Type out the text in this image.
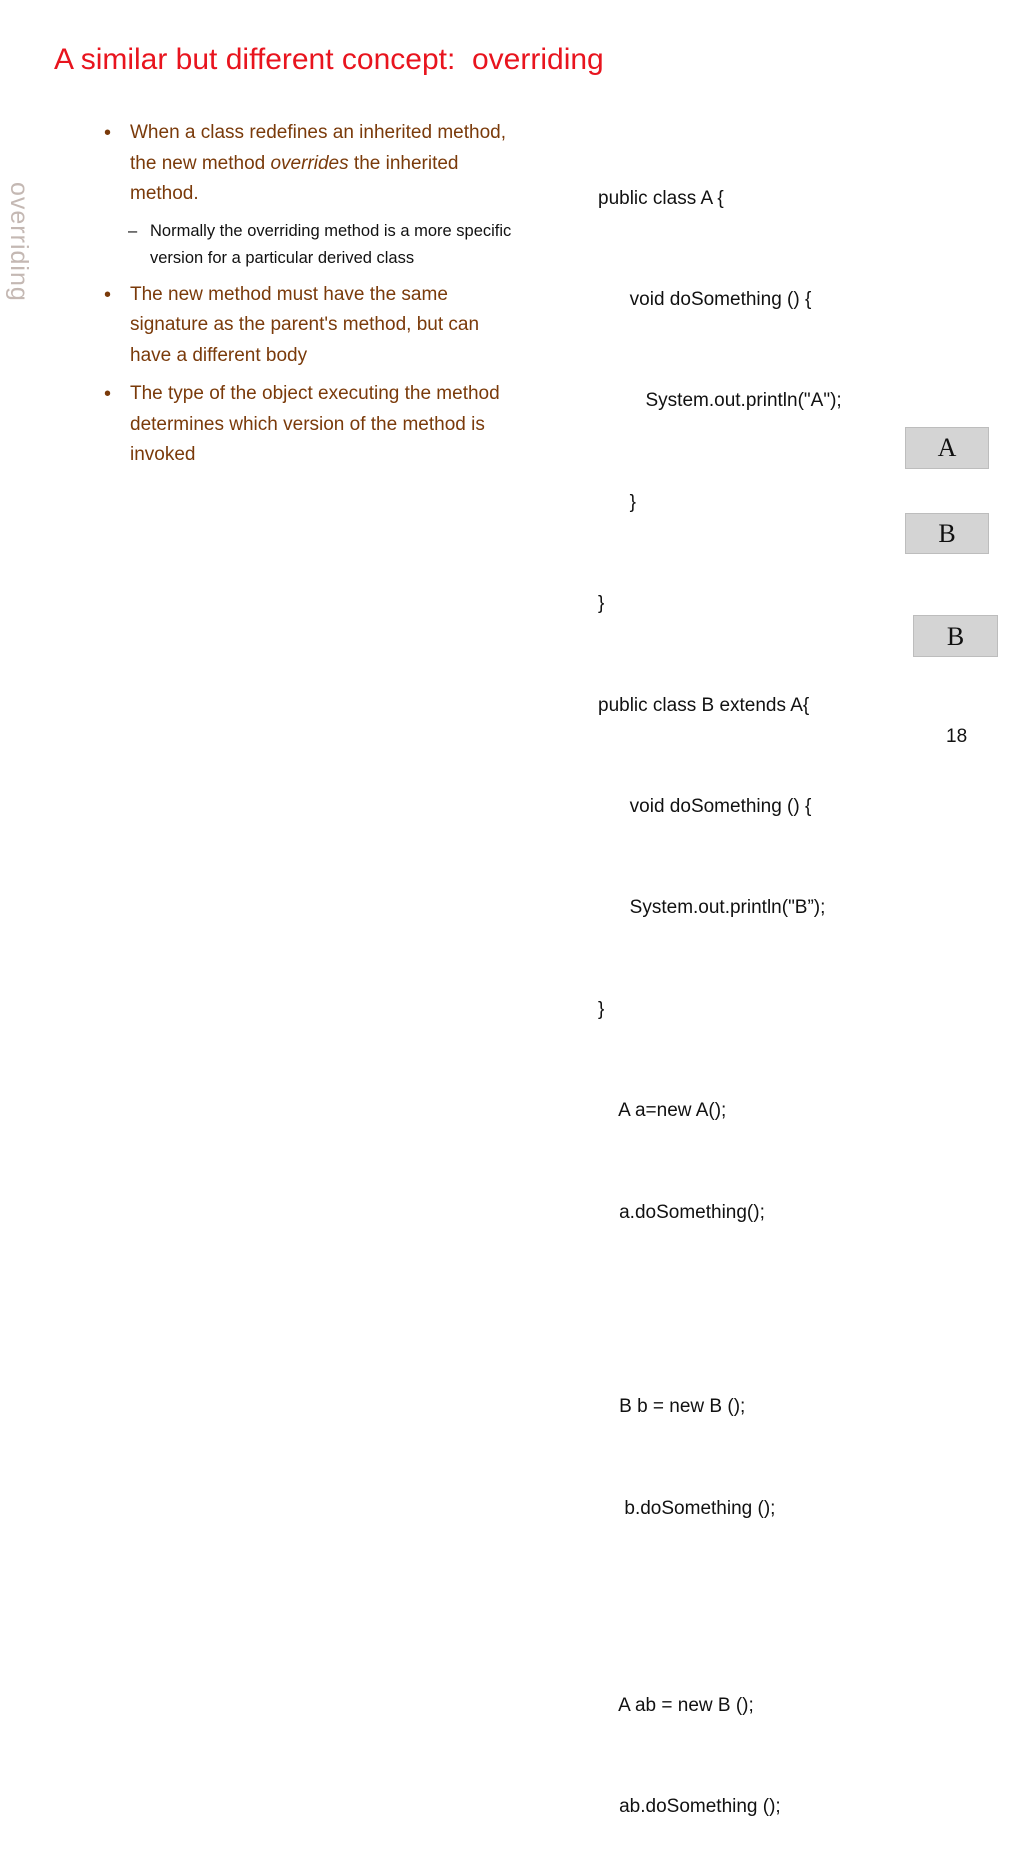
A similar but different concept:  overriding
overriding
• When a class redefines an inherited method, the new method overrides the inherited method.
– Normally the overriding method is a more specific version for a particular derived class
• The new method must have the same signature as the parent's method, but can have a different body
• The type of the object executing the method determines which version of the method is invoked

public class A {

void doSomething () {

System.out.println("A");

}

}

public class B extends A{

void doSomething () {

System.out.println("B”);

}

A a=new A();

a.doSomething();

B b = new B ();

b.doSomething ();

A ab = new B ();

ab.doSomething ();

A
B
B
18
